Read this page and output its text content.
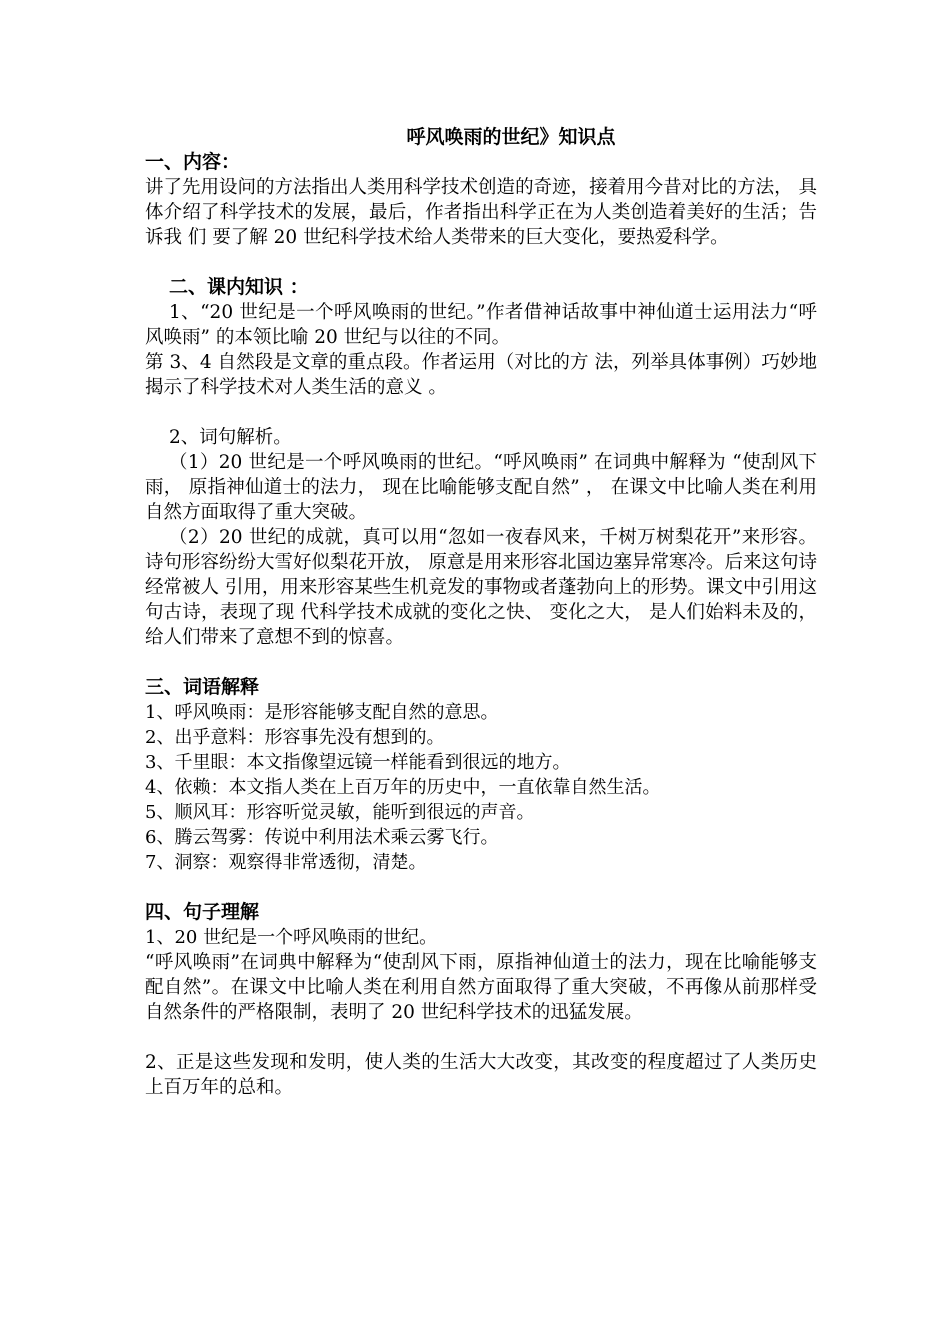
呼风唤雨的世纪》知识点
一、内容：

讲了先用设问的方法指出人类用科学技术创造的奇迹，接着用今昔对比的方法， 具体介绍了科学技术的发展，最后，作者指出科学正在为人类创造着美好的生活；告诉我 们 要了解 20 世纪科学技术给人类带来的巨大变化，要热爱科学。

二、课内知识 ：

1、“20 世纪是一个呼风唤雨的世纪。”作者借神话故事中神仙道士运用法力“呼风唤雨” 的本领比喻 20 世纪与以往的不同。

第 3、4 自然段是文章的重点段。作者运用（对比的方 法，列举具体事例）巧妙地揭示了科学技术对人类生活的意义 。

2、词句解析。

（1）20 世纪是一个呼风唤雨的世纪。“呼风唤雨” 在词典中解释为 “使刮风下雨， 原指神仙道士的法力， 现在比喻能够支配自然” ， 在课文中比喻人类在利用自然方面取得了重大突破。

（2）20 世纪的成就，真可以用“忽如一夜春风来，千树万树梨花开”来形容。诗句形容纷纷大雪好似梨花开放， 原意是用来形容北国边塞异常寒冷。后来这句诗经常被人 引用，用来形容某些生机竞发的事物或者蓬勃向上的形势。课文中引用这句古诗，表现了现 代科学技术成就的变化之快、 变化之大， 是人们始料未及的， 给人们带来了意想不到的惊喜。

三、词语解释
1、呼风唤雨：是形容能够支配自然的意思。
2、出乎意料：形容事先没有想到的。
3、千里眼：本文指像望远镜一样能看到很远的地方。
4、依赖：本文指人类在上百万年的历史中，一直依靠自然生活。
5、顺风耳：形容听觉灵敏，能听到很远的声音。
6、腾云驾雾：传说中利用法术乘云雾飞行。
7、洞察：观察得非常透彻，清楚。
四、句子理解
1、20 世纪是一个呼风唤雨的世纪。

“呼风唤雨”在词典中解释为“使刮风下雨，原指神仙道士的法力，现在比喻能够支配自然”。在课文中比喻人类在利用自然方面取得了重大突破，不再像从前那样受自然条件的严格限制，表明了 20 世纪科学技术的迅猛发展。

2、正是这些发现和发明，使人类的生活大大改变，其改变的程度超过了人类历史上百万年的总和。
